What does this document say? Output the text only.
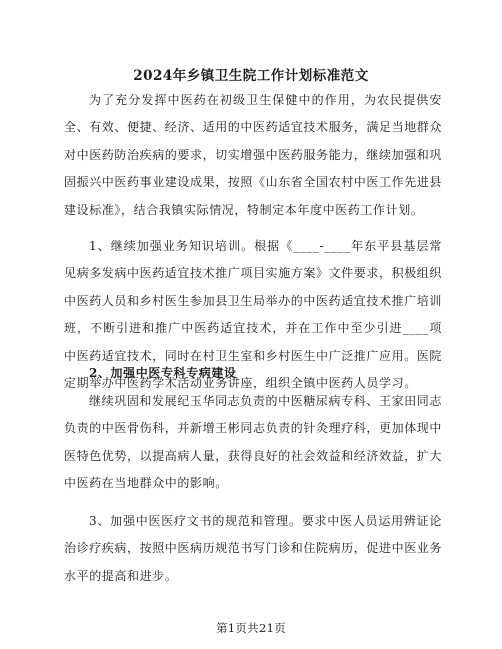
2024年乡镇卫生院工作计划标准范文

为了充分发挥中医药在初级卫生保健中的作用，为农民提供安全、有效、便捷、经济、适用的中医药适宜技术服务，满足当地群众对中医药防治疾病的要求，切实增强中医药服务能力，继续加强和巩固振兴中医药事业建设成果，按照《山东省全国农村中医工作先进县建设标准》，结合我镇实际情况，特制定本年度中医药工作计划。

1、继续加强业务知识培训。根据《____-____年东平县基层常见病多发病中医药适宜技术推广项目实施方案》文件要求，积极组织中医药人员和乡村医生参加县卫生局举办的中医药适宜技术推广培训班，不断引进和推广中医药适宜技术，并在工作中至少引进____项中医药适宜技术，同时在村卫生室和乡村医生中广泛推广应用。医院定期举办中医药学术活动业务讲座，组织全镇中医药人员学习。

2、加强中医专科专病建设

继续巩固和发展纪玉华同志负责的中医糖尿病专科、王家田同志负责的中医骨伤科，并新增王彬同志负责的针灸理疗科，更加体现中医特色优势，以提高病人量，获得良好的社会效益和经济效益，扩大中医药在当地群众中的影响。

3、加强中医医疗文书的规范和管理。要求中医人员运用辨证论治诊疗疾病，按照中医病历规范书写门诊和住院病历，促进中医业务水平的提高和进步。

第1页共21页
